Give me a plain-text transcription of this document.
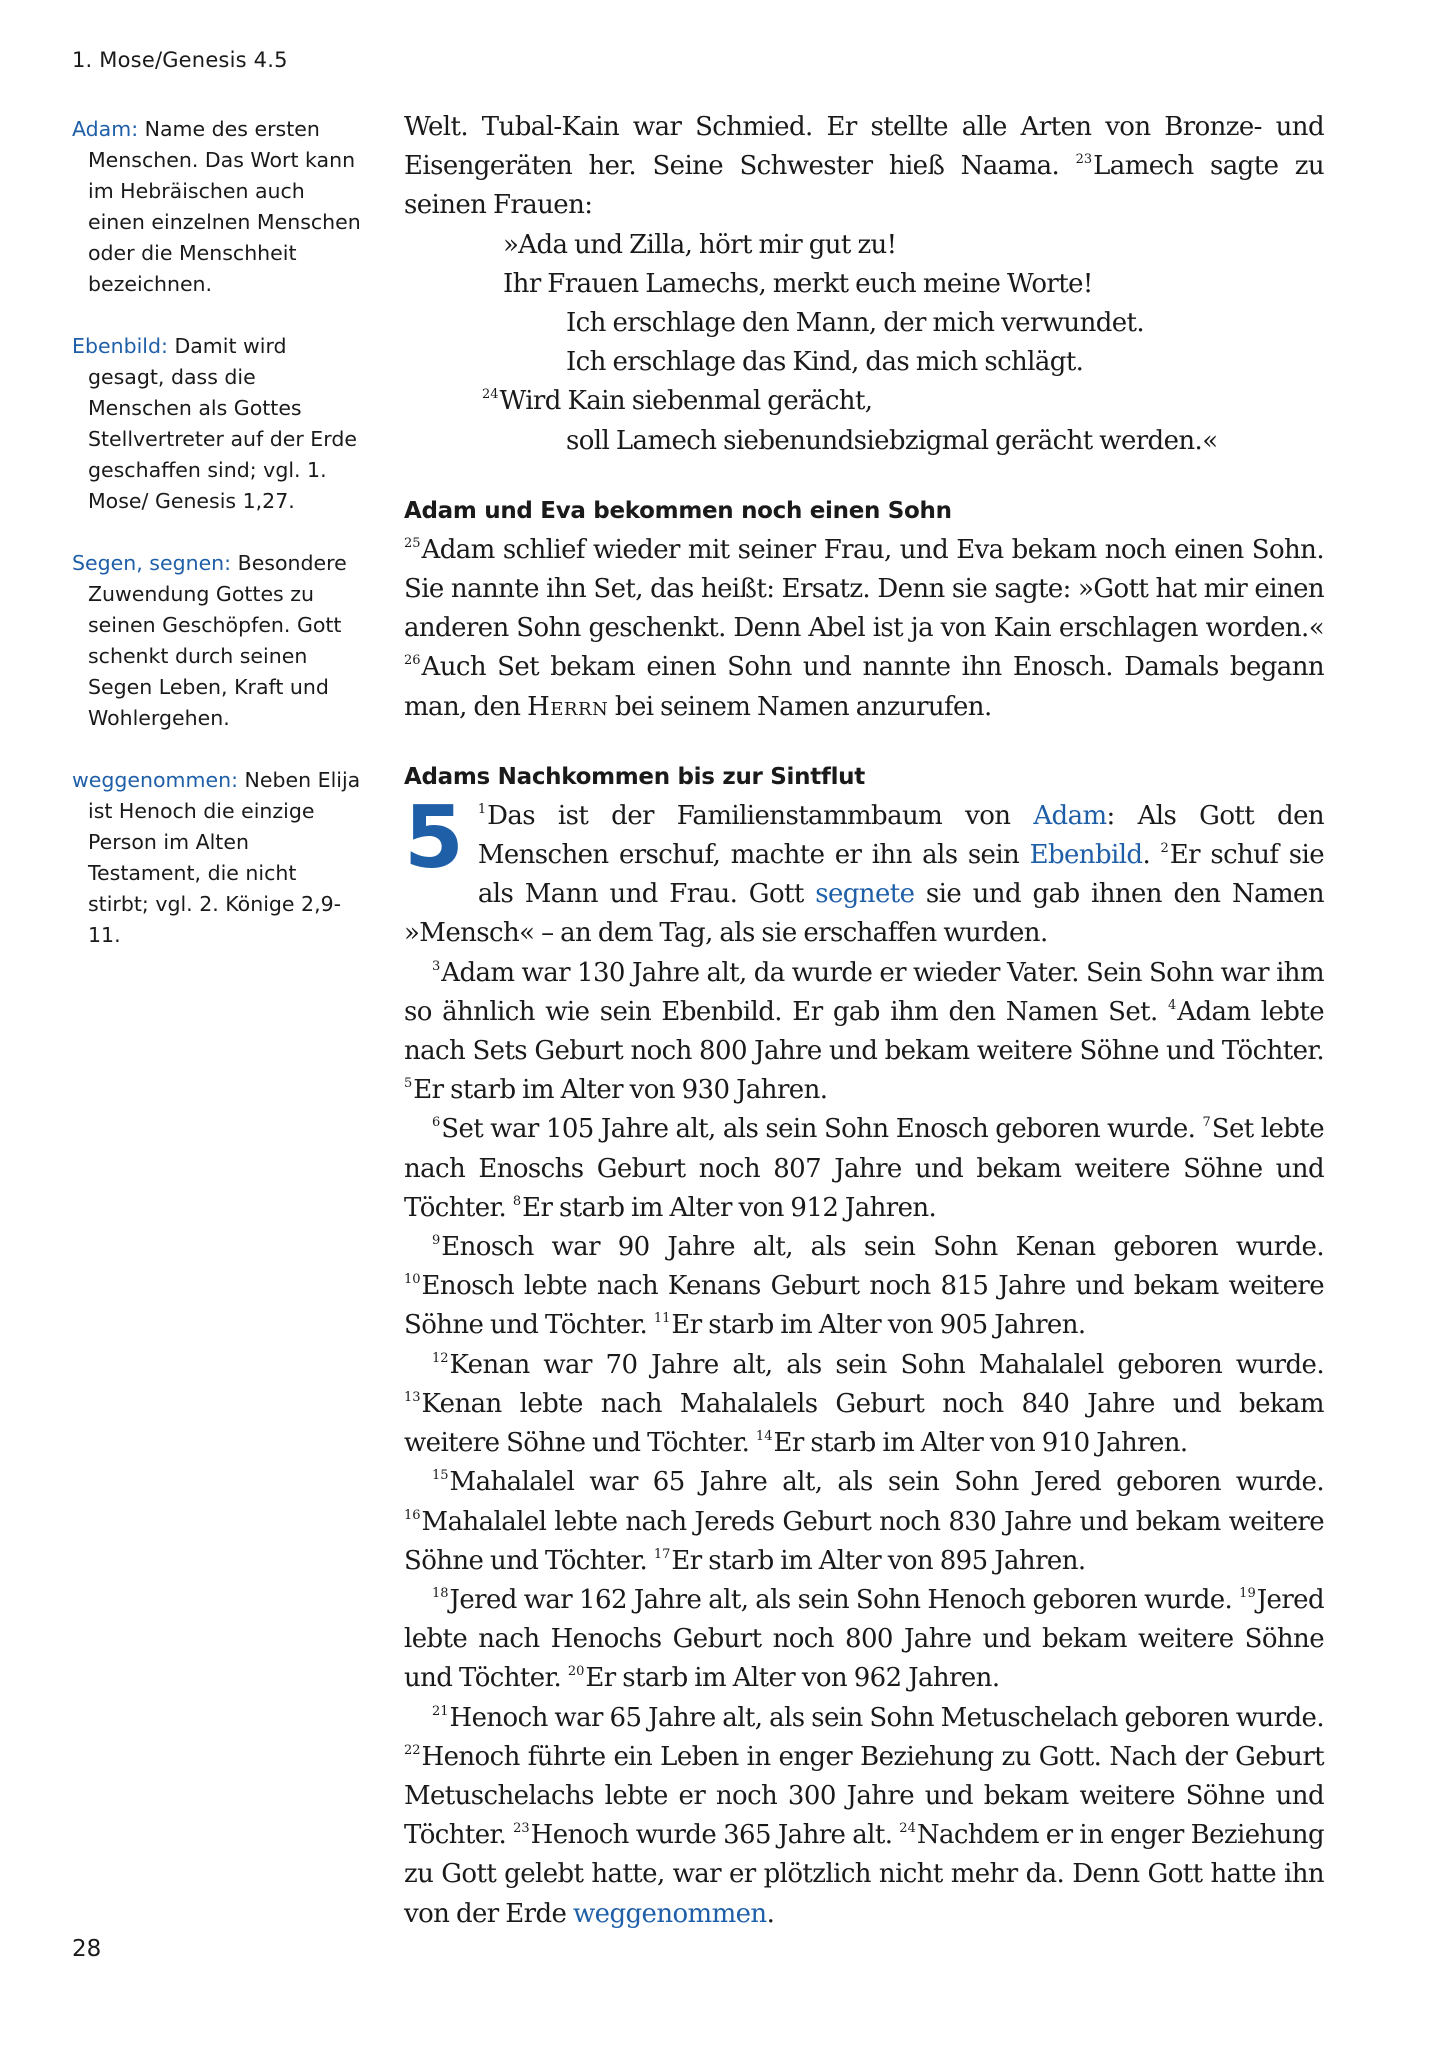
1. Mose/Genesis 4.5
Adam: Name des ersten Menschen. Das Wort kann im Hebräischen auch einen einzelnen Menschen oder die Menschheit bezeichnen.
Ebenbild: Damit wird gesagt, dass die Menschen als Gottes Stellvertreter auf der Erde geschaffen sind; vgl. 1. Mose/ Genesis 1,27.
Segen, segnen: Besondere Zuwendung Gottes zu seinen Geschöpfen. Gott schenkt durch seinen Segen Leben, Kraft und Wohlergehen.
weggenommen: Neben Elija ist Henoch die einzige Person im Alten Testament, die nicht stirbt; vgl. 2. Könige 2,9-11.

Welt. Tubal-Kain war Schmied. Er stellte alle Arten von Bronze- und Eisengeräten her. Seine Schwester hieß Naama. $^{23}$Lamech sagte zu seinen Frauen:

»Ada und Zilla, hört mir gut zu!
Ihr Frauen Lamechs, merkt euch meine Worte!
Ich erschlage den Mann, der mich verwundet.
Ich erschlage das Kind, das mich schlägt.
$^{24}$Wird Kain siebenmal gerächt,
soll Lamech siebenundsiebzigmal gerächt werden.«
Adam und Eva bekommen noch einen Sohn

$^{25}$Adam schlief wieder mit seiner Frau, und Eva bekam noch einen Sohn. Sie nannte ihn Set, das heißt: Ersatz. Denn sie sagte: »Gott hat mir einen anderen Sohn geschenkt. Denn Abel ist ja von Kain erschlagen worden.« $^{26}$Auch Set bekam einen Sohn und nannte ihn Enosch. Damals begann man, den Herrn bei seinem Namen anzurufen.

Adams Nachkommen bis zur Sintflut

5 $^1$Das ist der Familienstammbaum von Adam: Als Gott den Menschen erschuf, machte er ihn als sein Ebenbild. $^2$Er schuf sie als Mann und Frau. Gott segnete sie und gab ihnen den Namen »Mensch« – an dem Tag, als sie erschaffen wurden.

$^3$Adam war 130 Jahre alt, da wurde er wieder Vater. Sein Sohn war ihm so ähnlich wie sein Ebenbild. Er gab ihm den Namen Set. $^4$Adam lebte nach Sets Geburt noch 800 Jahre und bekam weitere Söhne und Töchter. $^5$Er starb im Alter von 930 Jahren.

$^6$Set war 105 Jahre alt, als sein Sohn Enosch geboren wurde. $^7$Set lebte nach Enoschs Geburt noch 807 Jahre und bekam weitere Söhne und Töchter. $^8$Er starb im Alter von 912 Jahren.

$^9$Enosch war 90 Jahre alt, als sein Sohn Kenan geboren wurde. $^{10}$Enosch lebte nach Kenans Geburt noch 815 Jahre und bekam weitere Söhne und Töchter. $^{11}$Er starb im Alter von 905 Jahren.

$^{12}$Kenan war 70 Jahre alt, als sein Sohn Mahalalel geboren wurde. $^{13}$Kenan lebte nach Mahalalels Geburt noch 840 Jahre und bekam weitere Söhne und Töchter. $^{14}$Er starb im Alter von 910 Jahren.

$^{15}$Mahalalel war 65 Jahre alt, als sein Sohn Jered geboren wurde. $^{16}$Mahalalel lebte nach Jereds Geburt noch 830 Jahre und bekam weitere Söhne und Töchter. $^{17}$Er starb im Alter von 895 Jahren.

$^{18}$Jered war 162 Jahre alt, als sein Sohn Henoch geboren wurde. $^{19}$Jered lebte nach Henochs Geburt noch 800 Jahre und bekam weitere Söhne und Töchter. $^{20}$Er starb im Alter von 962 Jahren.

$^{21}$Henoch war 65 Jahre alt, als sein Sohn Metuschelach geboren wurde. $^{22}$Henoch führte ein Leben in enger Beziehung zu Gott. Nach der Geburt Metuschelachs lebte er noch 300 Jahre und bekam weitere Söhne und Töchter. $^{23}$Henoch wurde 365 Jahre alt. $^{24}$Nachdem er in enger Beziehung zu Gott gelebt hatte, war er plötzlich nicht mehr da. Denn Gott hatte ihn von der Erde weggenommen.

28
